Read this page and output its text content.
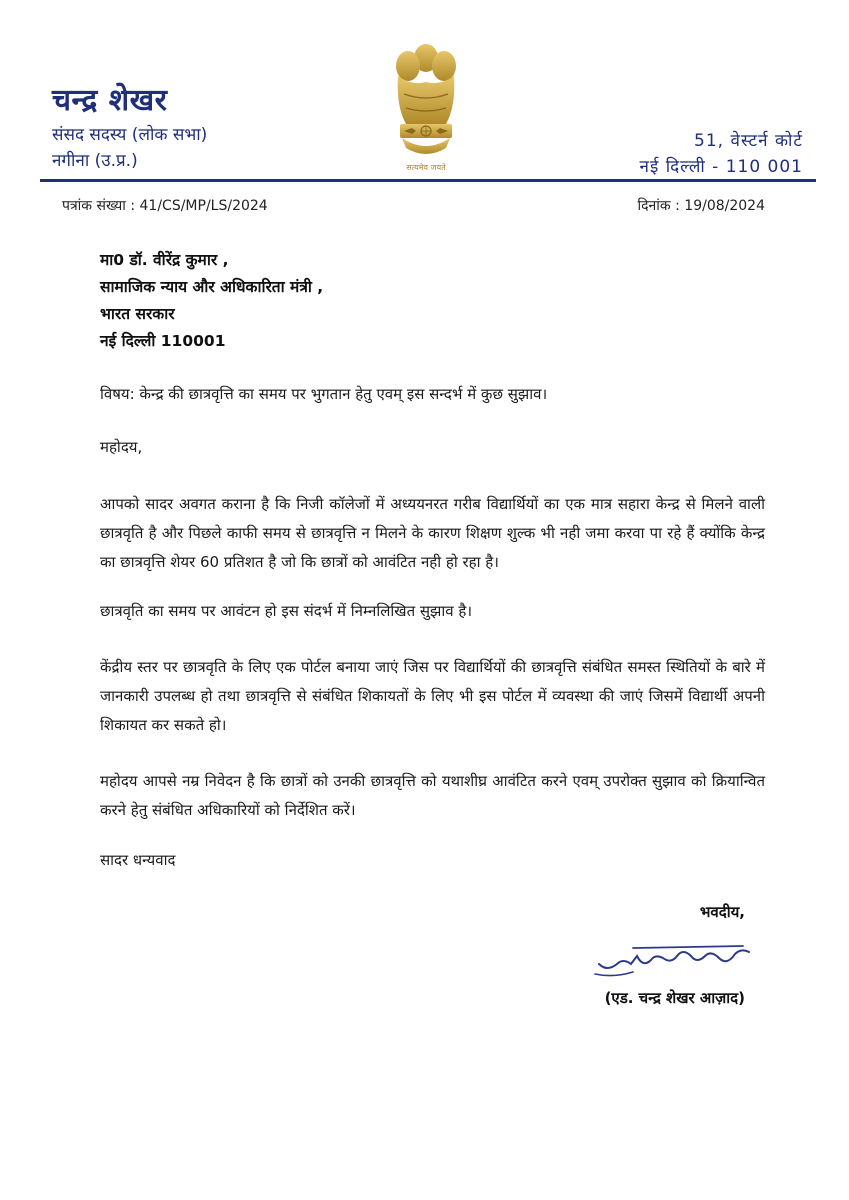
चन्द्र शेखर
संसद सदस्य (लोक सभा)
नगीना (उ.प्र.)	सत्यमेव जयते
51, वेस्टर्न कोर्ट
नई दिल्ली - 110 001
पत्रांक संख्या : 41/CS/MP/LS/2024	दिनांक : 19/08/2024
मा0 डॉ. वीरेंद्र कुमार ,
सामाजिक न्याय और अधिकारिता मंत्री ,
भारत सरकार
नई दिल्ली 110001
विषय: केन्द्र की छात्रवृत्ति का समय पर भुगतान हेतु एवम् इस सन्दर्भ में कुछ सुझाव।
महोदय,
आपको सादर अवगत कराना है कि निजी कॉलेजों में अध्ययनरत गरीब विद्यार्थियों का एक मात्र सहारा केन्द्र से मिलने वाली छात्रवृति है और पिछले काफी समय से छात्रवृत्ति न मिलने के कारण शिक्षण शुल्क भी नही जमा करवा पा रहे हैं क्योंकि केन्द्र का छात्रवृत्ति शेयर 60 प्रतिशत है जो कि छात्रों को आवंटित नही हो रहा है।
छात्रवृति का समय पर आवंटन हो इस संदर्भ में निम्नलिखित सुझाव है।
केंद्रीय स्तर पर छात्रवृति के लिए एक पोर्टल बनाया जाएं जिस पर विद्यार्थियों की छात्रवृत्ति संबंधित समस्त स्थितियों के बारे में जानकारी उपलब्ध हो तथा छात्रवृत्ति से संबंधित शिकायतों के लिए भी इस पोर्टल में व्यवस्था की जाएं जिसमें विद्यार्थी अपनी शिकायत कर सकते हो।
महोदय आपसे नम्र निवेदन है कि छात्रों को उनकी छात्रवृत्ति को यथाशीघ्र आवंटित करने एवम् उपरोक्त सुझाव को क्रियान्वित करने हेतु संबंधित अधिकारियों को निर्देशित करें।
सादर धन्यवाद
भवदीय,
(एड. चन्द्र शेखर आज़ाद)
